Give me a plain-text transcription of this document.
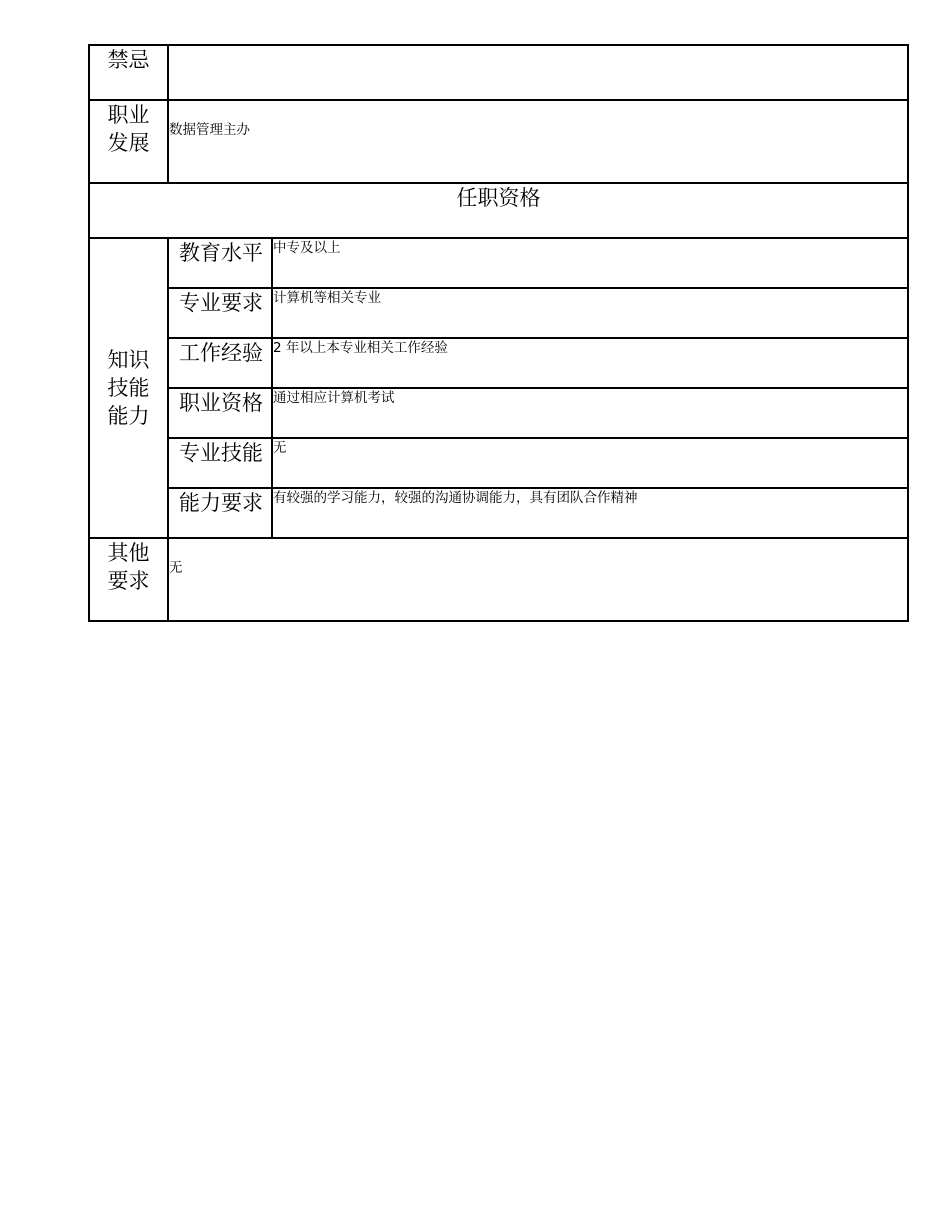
禁忌		

职业
发展	数据管理主办	

任职资格		

知识
技能
能力	教育水平	中专及以上
	专业要求	计算机等相关专业
	工作经验	2 年以上本专业相关工作经验
	职业资格	通过相应计算机考试
	专业技能	无
	能力要求	有较强的学习能力，较强的沟通协调能力，具有团队合作精神

其他
要求	无	
